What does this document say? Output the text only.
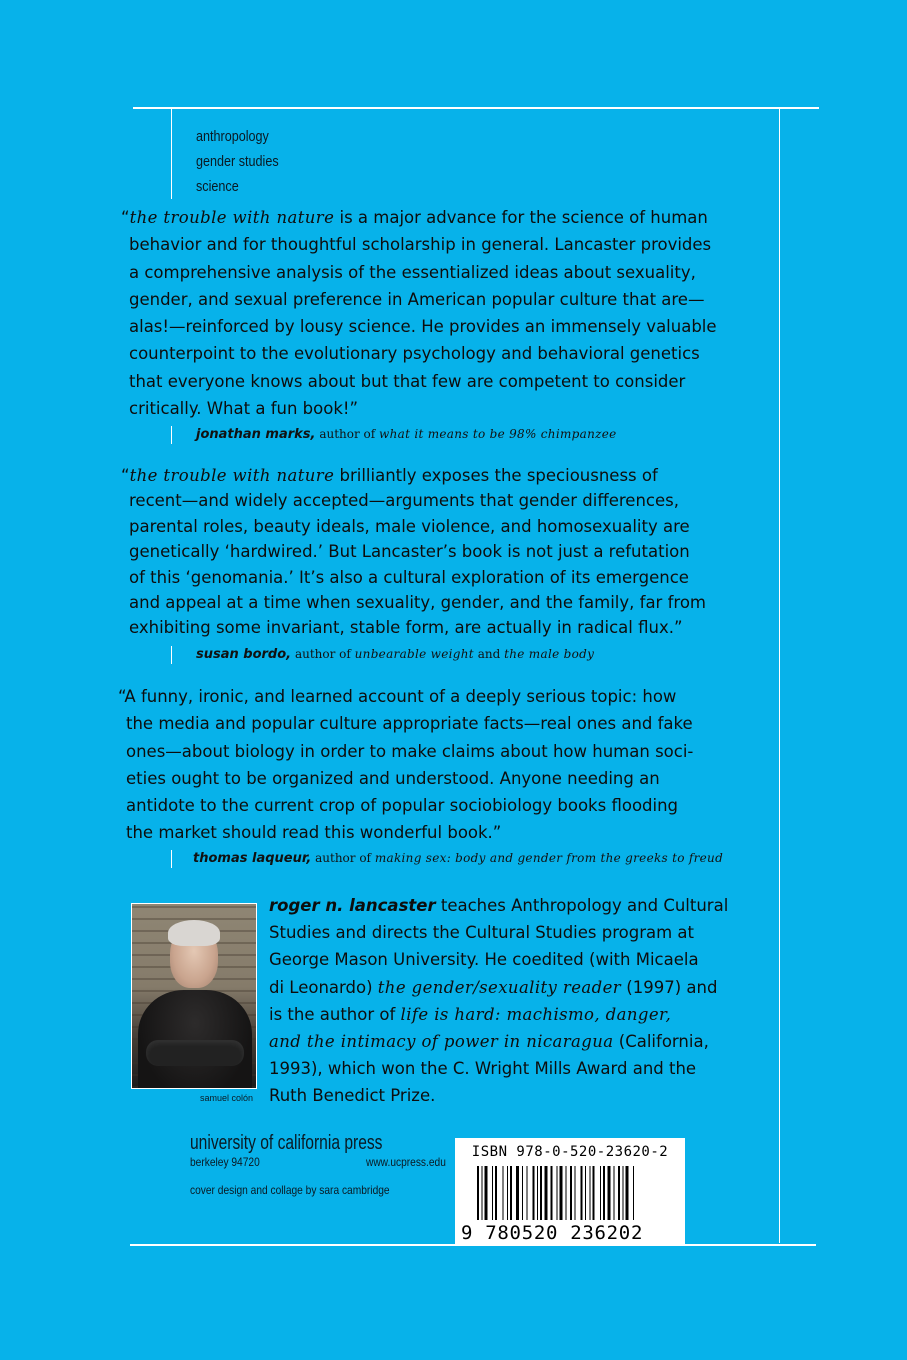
anthropology
gender studies
science
“the trouble with nature is a major advance for the science of human
behavior and for thoughtful scholarship in general. Lancaster provides
a comprehensive analysis of the essentialized ideas about sexuality,
gender, and sexual preference in American popular culture that are—
alas!—reinforced by lousy science. He provides an immensely valuable
counterpoint to the evolutionary psychology and behavioral genetics
that everyone knows about but that few are competent to consider
critically. What a fun book!”
jonathan marks, author of what it means to be 98% chimpanzee
“the trouble with nature brilliantly exposes the speciousness of
recent—and widely accepted—arguments that gender differences,
parental roles, beauty ideals, male violence, and homosexuality are
genetically ‘hardwired.’ But Lancaster’s book is not just a refutation
of this ‘genomania.’ It’s also a cultural exploration of its emergence
and appeal at a time when sexuality, gender, and the family, far from
exhibiting some invariant, stable form, are actually in radical flux.”
susan bordo, author of unbearable weight and the male body
“A funny, ironic, and learned account of a deeply serious topic: how
the media and popular culture appropriate facts—real ones and fake
ones—about biology in order to make claims about how human soci-
eties ought to be organized and understood. Anyone needing an
antidote to the current crop of popular sociobiology books flooding
the market should read this wonderful book.”
thomas laqueur, author of making sex: body and gender from the greeks to freud
samuel colón
roger n. lancaster teaches Anthropology and Cultural
Studies and directs the Cultural Studies program at
George Mason University. He coedited (with Micaela
di Leonardo) the gender/sexuality reader (1997) and
is the author of life is hard: machismo, danger,
and the intimacy of power in nicaragua (California,
1993), which won the C. Wright Mills Award and the
Ruth Benedict Prize.
university of california press
berkeley 94720	www.ucpress.edu
cover design and collage by sara cambridge
ISBN 978-0-520-23620-2
9 780520 236202
